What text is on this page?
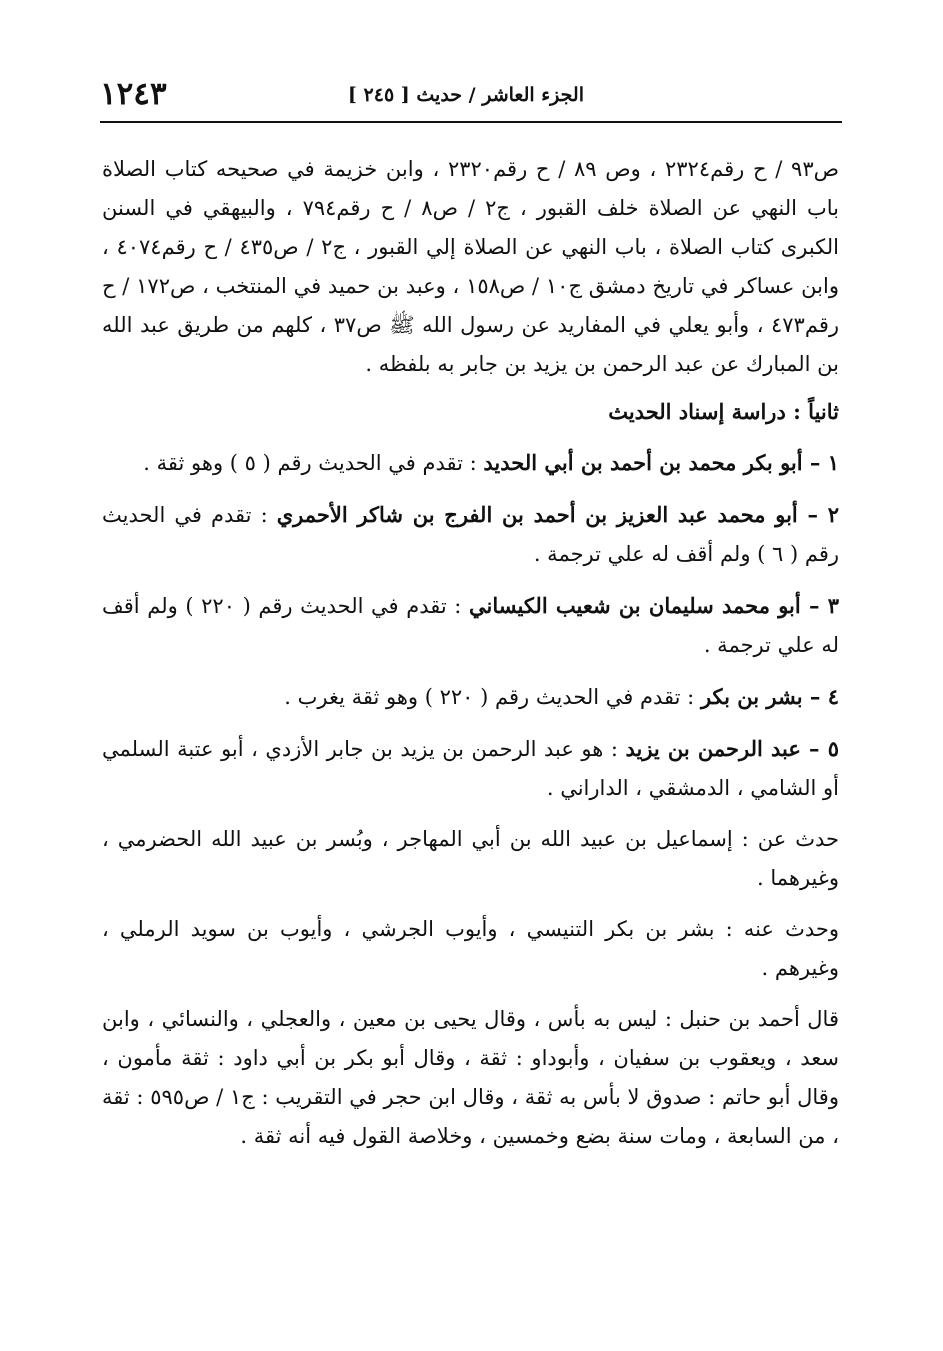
١٢٤٣	الجزء العاشر / حديث [ ٢٤٥ ]

ص٩٣ / ح رقم٢٣٢٤ ، وص ٨٩ / ح رقم٢٣٢٠ ، وابن خزيمة في صحيحه كتاب الصلاة باب النهي عن الصلاة خلف القبور ، ج٢ / ص٨ / ح رقم٧٩٤ ، والبيهقي في السنن الكبرى كتاب الصلاة ، باب النهي عن الصلاة إلي القبور ، ج٢ / ص٤٣٥ / ح رقم٤٠٧٤ ، وابن عساكر في تاريخ دمشق ج١٠ / ص١٥٨ ، وعبد بن حميد في المنتخب ، ص١٧٢ / ح رقم٤٧٣ ، وأبو يعلي في المفاريد عن رسول الله ﷺ ص٣٧ ، كلهم من طريق عبد الله بن المبارك عن عبد الرحمن بن يزيد بن جابر به بلفظه .

ثانياً : دراسة إسناد الحديث

١ – أبو بكر محمد بن أحمد بن أبي الحديد : تقدم في الحديث رقم ( ٥ ) وهو ثقة .

٢ – أبو محمد عبد العزيز بن أحمد بن الفرج بن شاكر الأحمري : تقدم في الحديث رقم ( ٦ ) ولم أقف له علي ترجمة .

٣ – أبو محمد سليمان بن شعيب الكيساني : تقدم في الحديث رقم ( ٢٢٠ ) ولم أقف له علي ترجمة .

٤ – بشر بن بكر : تقدم في الحديث رقم ( ٢٢٠ ) وهو ثقة يغرب .

٥ – عبد الرحمن بن يزيد : هو عبد الرحمن بن يزيد بن جابر الأزدي ، أبو عتبة السلمي أو الشامي ، الدمشقي ، الداراني .

حدث عن : إسماعيل بن عبيد الله بن أبي المهاجر ، وبُسر بن عبيد الله الحضرمي ، وغيرهما .

وحدث عنه : بشر بن بكر التنيسي ، وأيوب الجرشي ، وأيوب بن سويد الرملي ، وغيرهم .

قال أحمد بن حنبل : ليس به بأس ، وقال يحيى بن معين ، والعجلي ، والنسائي ، وابن سعد ، ويعقوب بن سفيان ، وأبوداو : ثقة ، وقال أبو بكر بن أبي داود : ثقة مأمون ، وقال أبو حاتم : صدوق لا بأس به ثقة ، وقال ابن حجر في التقريب : ج١ / ص٥٩٥ : ثقة ، من السابعة ، ومات سنة بضع وخمسين ، وخلاصة القول فيه أنه ثقة .
